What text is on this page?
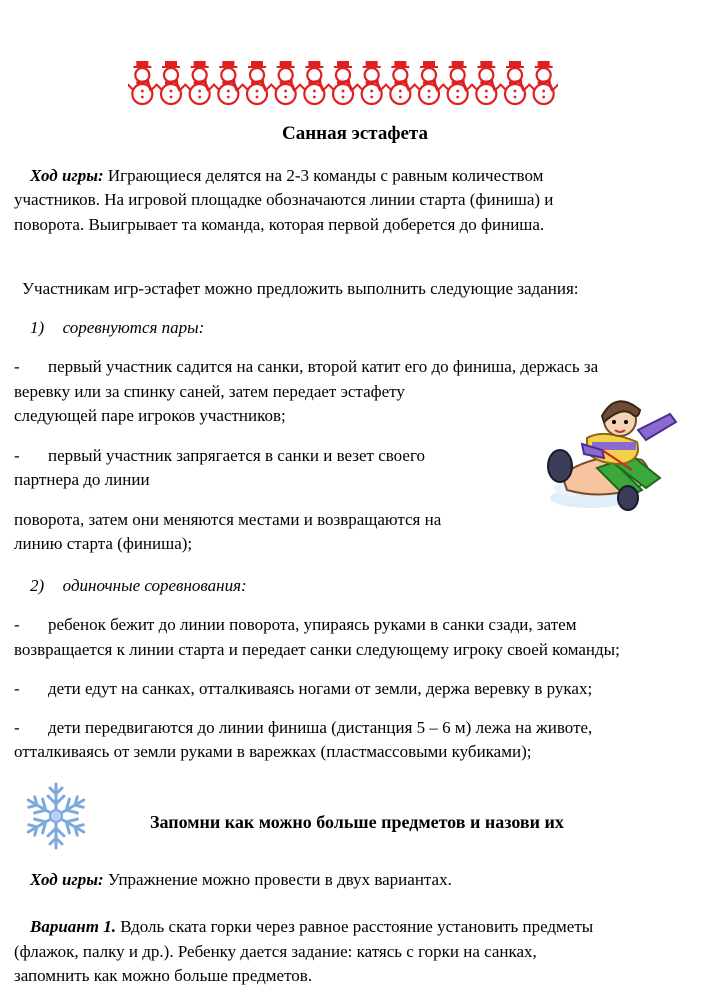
Санная эстафета

Ход игры: Играющиеся делятся на 2-3 команды с равным количеством

участников. На игровой площадке обозначаются линии старта (финиша) и

поворота. Выигрывает та команда, которая первой доберется до финиша.

Участникам игр-эстафет можно предложить выполнить следующие задания:

1) соревнуются пары:

- первый участник садится на санки, второй катит его до финиша, держась за

веревку или за спинку саней, затем передает эстафету

следующей паре игроков участников;

- первый участник запрягается в санки и везет своего

партнера до линии

поворота, затем они меняются местами и возвращаются на

линию старта (финиша);

2) одиночные соревнования:

- ребенок бежит до линии поворота, упираясь руками в санки сзади, затем

возвращается к линии старта и передает санки следующему игроку своей команды;

- дети едут на санках, отталкиваясь ногами от земли, держа веревку в руках;

- дети передвигаются до линии финиша (дистанция 5 – 6 м) лежа на животе,

отталкиваясь от земли руками в варежках (пластмассовыми кубиками);

Запомни как можно больше предметов и назови их

Ход игры: Упражнение можно провести в двух вариантах.

Вариант 1. Вдоль ската горки через равное расстояние установить предметы

(флажок, палку и др.). Ребенку дается задание: катясь с горки на санках,

запомнить как можно больше предметов.
